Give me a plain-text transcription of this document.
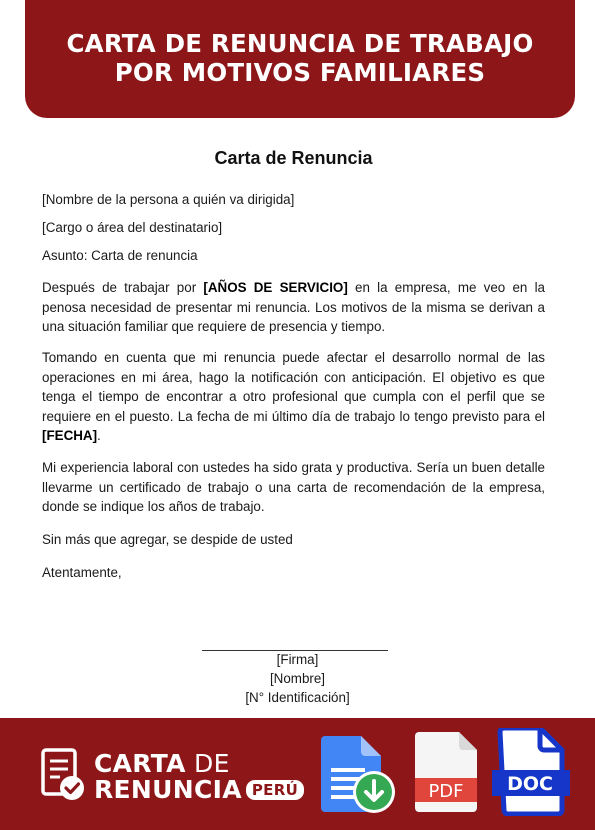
CARTA DE RENUNCIA DE TRABAJO
POR MOTIVOS FAMILIARES
Carta de Renuncia

[Nombre de la persona a quién va dirigida]

[Cargo o área del destinatario]

Asunto: Carta de renuncia

Después de trabajar por [AÑOS DE SERVICIO] en la empresa, me veo en la penosa necesidad de presentar mi renuncia. Los motivos de la misma se derivan a una situación familiar que requiere de presencia y tiempo.

Tomando en cuenta que mi renuncia puede afectar el desarrollo normal de las operaciones en mi área, hago la notificación con anticipación. El objetivo es que tenga el tiempo de encontrar a otro profesional que cumpla con el perfil que se requiere en el puesto. La fecha de mi último día de trabajo lo tengo previsto para el [FECHA].

Mi experiencia laboral con ustedes ha sido grata y productiva. Sería un buen detalle llevarme un certificado de trabajo o una carta de recomendación de la empresa, donde se indique los años de trabajo.

Sin más que agregar, se despide de usted

Atentamente,

[Firma]
[Nombre]
[N° Identificación]
CARTA DE
RENUNCIA PERÚ	PDF DOC
